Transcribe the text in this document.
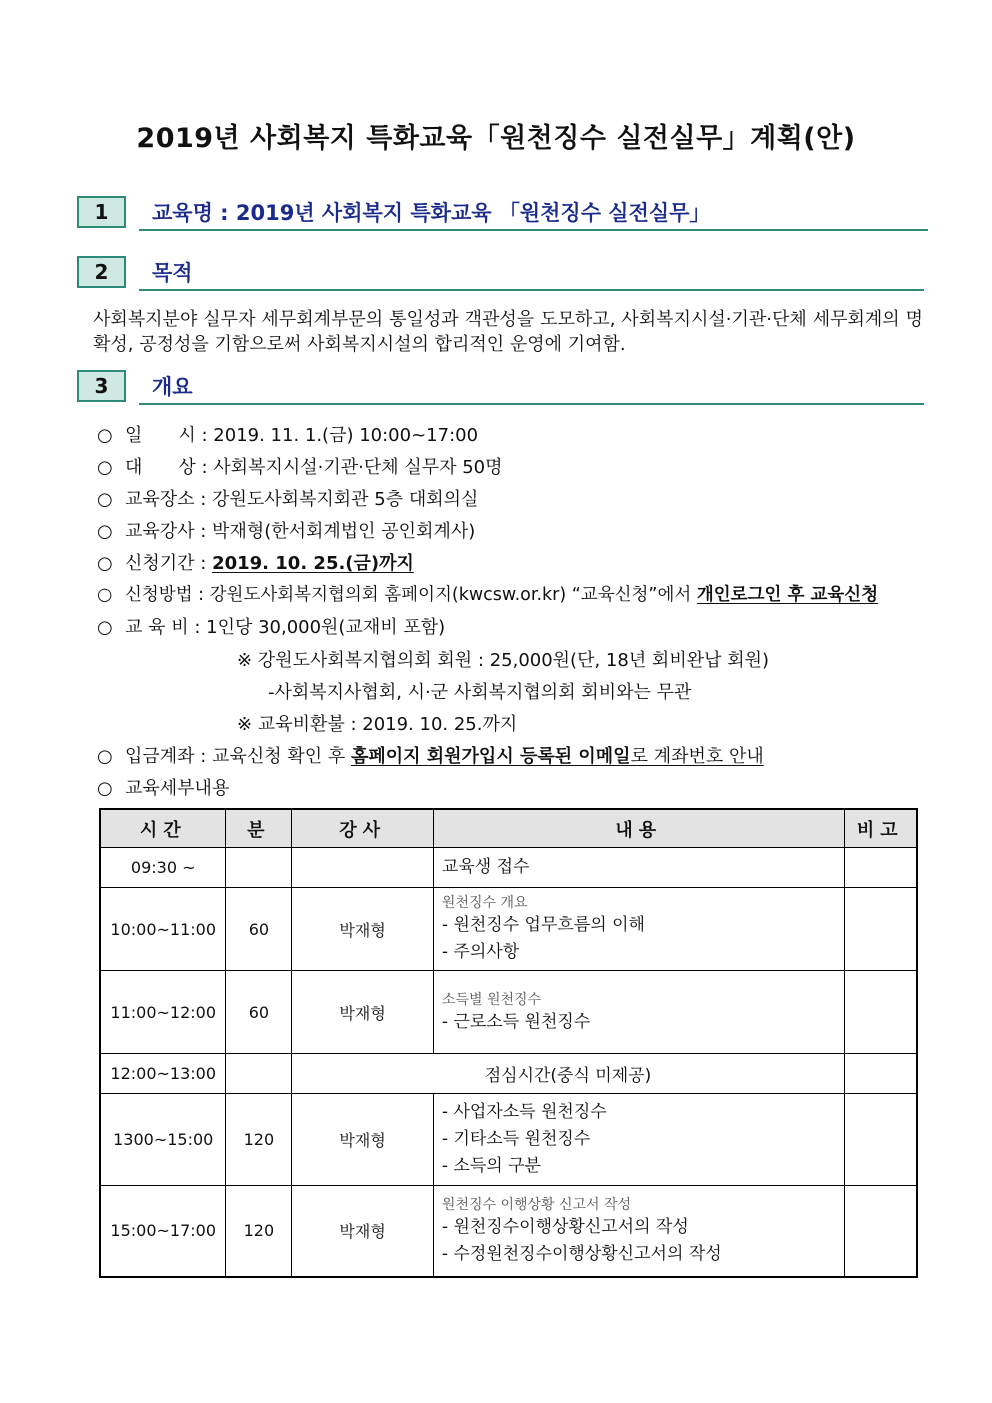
2019년 사회복지 특화교육「원천징수 실전실무」계획(안)
1	교육명 : 2019년 사회복지 특화교육 「원천징수 실전실무」
2	목적
사회복지분야 실무자 세무회계부문의 통일성과 객관성을 도모하고, 사회복지시설·기관·단체 세무회계의 명확성, 공정성을 기함으로써 사회복지시설의 합리적인 운영에 기여함.
3	개요
○ 일　　시 : 2019. 11. 1.(금) 10:00~17:00
○ 대　　상 : 사회복지시설·기관·단체 실무자 50명
○ 교육장소 : 강원도사회복지회관 5층 대회의실
○ 교육강사 : 박재형(한서회계법인 공인회계사)
○ 신청기간 : 2019. 10. 25.(금)까지
○ 신청방법 : 강원도사회복지협의회 홈페이지(kwcsw.or.kr) “교육신청”에서 개인로그인 후 교육신청
○ 교 육 비 : 1인당 30,000원(교재비 포함)
※ 강원도사회복지협의회 회원 : 25,000원(단, 18년 회비완납 회원)
-사회복지사협회, 시·군 사회복지협의회 회비와는 무관
※ 교육비환불 : 2019. 10. 25.까지
○ 입금계좌 : 교육신청 확인 후 홈페이지 회원가입시 등록된 이메일로 계좌번호 안내
○ 교육세부내용
시간	분	강사	내용	비고
09:30 ~			교육생 접수	

10:00~11:00	60	박재형	원천징수 개요
- 원천징수 업무흐름의 이해
- 주의사항	

11:00~12:00	60	박재형	소득별 원천징수
- 근로소득 원천징수	

12:00~13:00		점심시간(중식 미제공)		
1300~15:00	120	박재형	- 사업자소득 원천징수
- 기타소득 원천징수
- 소득의 구분	

15:00~17:00	120	박재형	원천징수 이행상황 신고서 작성
- 원천징수이행상황신고서의 작성
- 수정원천징수이행상황신고서의 작성	
